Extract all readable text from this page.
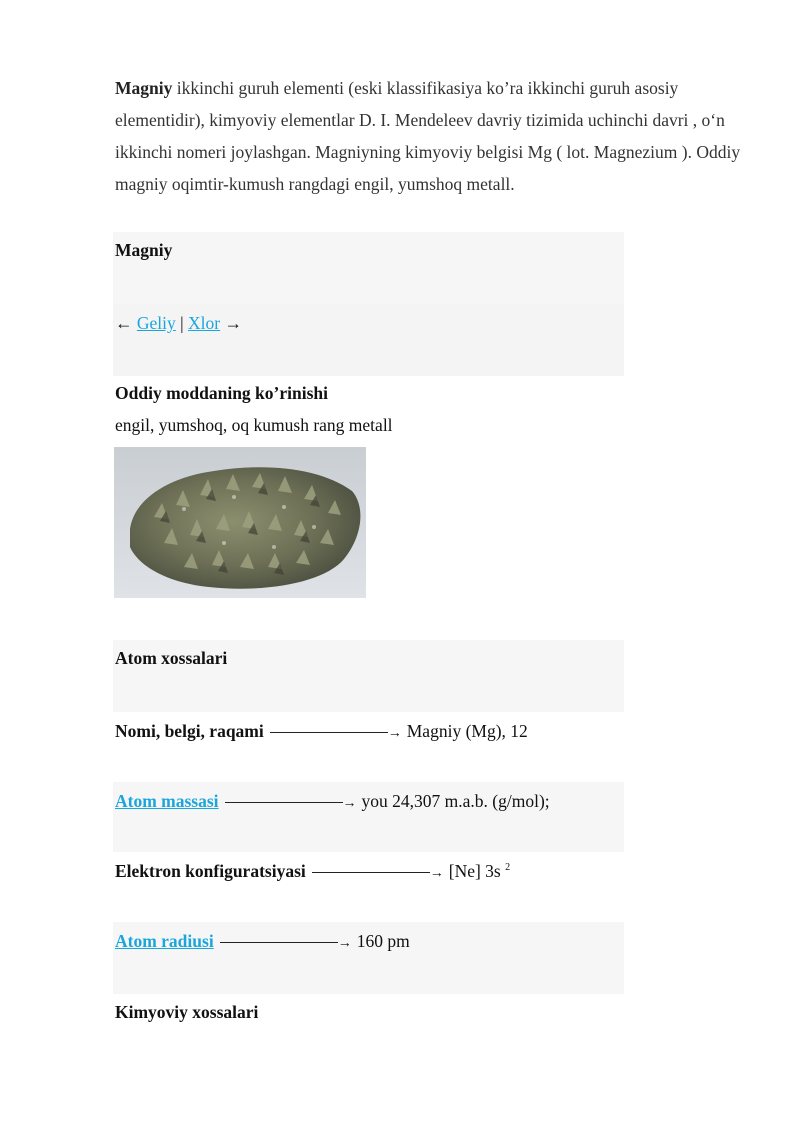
Magniy ikkinchi guruh elementi (eski klassifikasiya ko’ra ikkinchi guruh asosiy elementidir), kimyoviy elementlar D. I. Mendeleev davriy tizimida uchinchi davri , o‘n ikkinchi nomeri joylashgan. Magniyning kimyoviy belgisi Mg ( lot. Magnezium ). Oddiy magniy oqimtir-kumush rangdagi engil, yumshoq metall.

Magniy
← Geliy | Xlor →
Oddiy moddaning ko’rinishi
engil, yumshoq, oq kumush rang metall
Atom xossalari
Nomi, belgi, raqami	→ Magniy (Mg), 12
Atom massasi	→ you 24,307 m.a.b. (g/mol);
Elektron konfiguratsiyasi	→ [Ne] 3s $^2$
Atom radiusi	→ 160 pm
Kimyoviy xossalari
